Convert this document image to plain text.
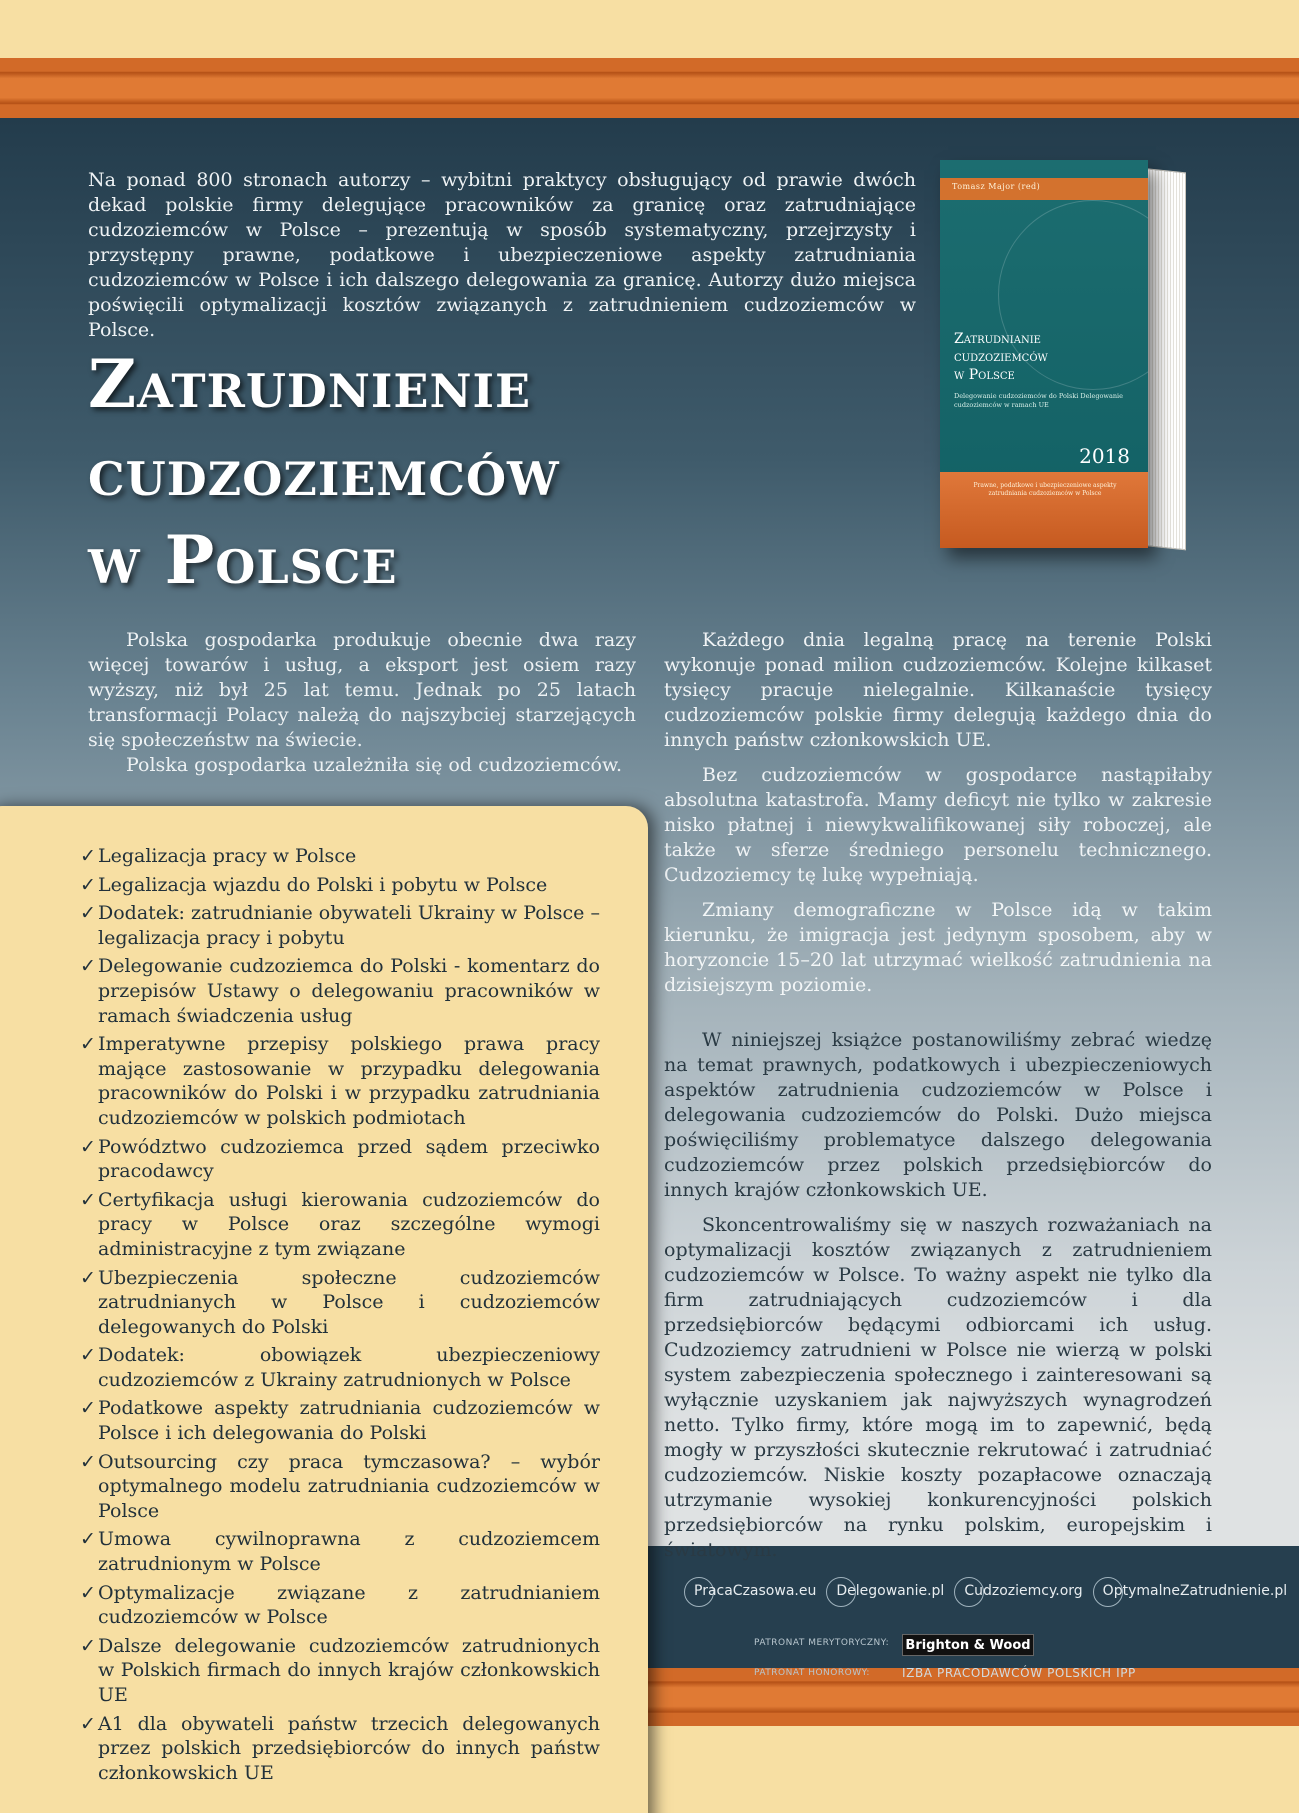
Na ponad 800 stronach autorzy – wybitni praktycy obsługujący od prawie dwóch dekad polskie firmy delegujące pracowników za granicę oraz zatrudniające cudzoziemców w Polsce – prezentują w sposób systematyczny, przejrzysty i przystępny prawne, podatkowe i ubezpieczeniowe aspekty zatrudniania cudzoziemców w Polsce i ich dalszego delegowania za granicę. Autorzy dużo miejsca poświęcili optymalizacji kosztów związanych z zatrudnieniem cudzoziemców w Polsce.

Zatrudnienie
cudzoziemców
w Polsce
Tomasz Major (red)
Zatrudnianie
cudzoziemców
w Polsce
Delegowanie cudzoziemców do Polski Delegowanie cudzoziemców w ramach UE
2018
Prawne, podatkowe i ubezpieczeniowe aspekty zatrudniania cudzoziemców w Polsce

Polska gospodarka produkuje obecnie dwa razy więcej towarów i usług, a eksport jest osiem razy wyższy, niż był 25 lat temu. Jednak po 25 latach transformacji Polacy należą do najszybciej starzejących się społeczeństw na świecie.

Polska gospodarka uzależniła się od cudzoziemców.

Każdego dnia legalną pracę na terenie Polski wykonuje ponad milion cudzoziemców. Kolejne kilkaset tysięcy pracuje nielegalnie. Kilkanaście tysięcy cudzoziemców polskie firmy delegują każdego dnia do innych państw członkowskich UE.

Bez cudzoziemców w gospodarce nastąpiłaby absolutna katastrofa. Mamy deficyt nie tylko w zakresie nisko płatnej i niewykwalifikowanej siły roboczej, ale także w sferze średniego personelu technicznego. Cudzoziemcy tę lukę wypełniają.

Zmiany demograficzne w Polsce idą w takim kierunku, że imigracja jest jedynym sposobem, aby w horyzoncie 15–20 lat utrzymać wielkość zatrudnienia na dzisiejszym poziomie.

W niniejszej książce postanowiliśmy zebrać wiedzę na temat prawnych, podatkowych i ubezpieczeniowych aspektów zatrudnienia cudzoziemców w Polsce i delegowania cudzoziemców do Polski. Dużo miejsca poświęciliśmy problematyce dalszego delegowania cudzoziemców przez polskich przedsiębiorców do innych krajów członkowskich UE.

Skoncentrowaliśmy się w naszych rozważaniach na optymalizacji kosztów związanych z zatrudnieniem cudzoziemców w Polsce. To ważny aspekt nie tylko dla firm zatrudniających cudzoziemców i dla przedsiębiorców będącymi odbiorcami ich usług. Cudzoziemcy zatrudnieni w Polsce nie wierzą w polski system zabezpieczenia społecznego i zainteresowani są wyłącznie uzyskaniem jak najwyższych wynagrodzeń netto. Tylko firmy, które mogą im to zapewnić, będą mogły w przyszłości skutecznie rekrutować i zatrudniać cudzoziemców. Niskie koszty pozapłacowe oznaczają utrzymanie wysokiej konkurencyjności polskich przedsiębiorców na rynku polskim, europejskim i światowym.

✓ Legalizacja pracy w Polsce
✓ Legalizacja wjazdu do Polski i pobytu w Polsce
✓ Dodatek: zatrudnianie obywateli Ukrainy w Polsce – legalizacja pracy i pobytu
✓ Delegowanie cudzoziemca do Polski - komentarz do przepisów Ustawy o delegowaniu pracowników w ramach świadczenia usług
✓ Imperatywne przepisy polskiego prawa pracy mające zastosowanie w przypadku delegowania pracowników do Polski i w przypadku zatrudniania cudzoziemców w polskich podmiotach
✓ Powództwo cudzoziemca przed sądem przeciwko pracodawcy
✓ Certyfikacja usługi kierowania cudzoziemców do pracy w Polsce oraz szczególne wymogi administracyjne z tym związane
✓ Ubezpieczenia społeczne cudzoziemców zatrudnianych w Polsce i cudzoziemców delegowanych do Polski
✓ Dodatek: obowiązek ubezpieczeniowy cudzoziemców z Ukrainy zatrudnionych w Polsce
✓ Podatkowe aspekty zatrudniania cudzoziemców w Polsce i ich delegowania do Polski
✓ Outsourcing czy praca tymczasowa? – wybór optymalnego modelu zatrudniania cudzoziemców w Polsce
✓ Umowa cywilnoprawna z cudzoziemcem zatrudnionym w Polsce
✓ Optymalizacje związane z zatrudnianiem cudzoziemców w Polsce
✓ Dalsze delegowanie cudzoziemców zatrudnionych w Polskich firmach do innych krajów członkowskich UE
✓ A1 dla obywateli państw trzecich delegowanych przez polskich przedsiębiorców do innych państw członkowskich UE
PracaCzasowa.eu Delegowanie.pl Cudzoziemcy.org OptymalneZatrudnienie.pl
PATRONAT MERYTORYCZNY: Brighton & Wood
PATRONAT HONOROWY:	IZBA PRACODAWCÓW POLSKICH IPP
